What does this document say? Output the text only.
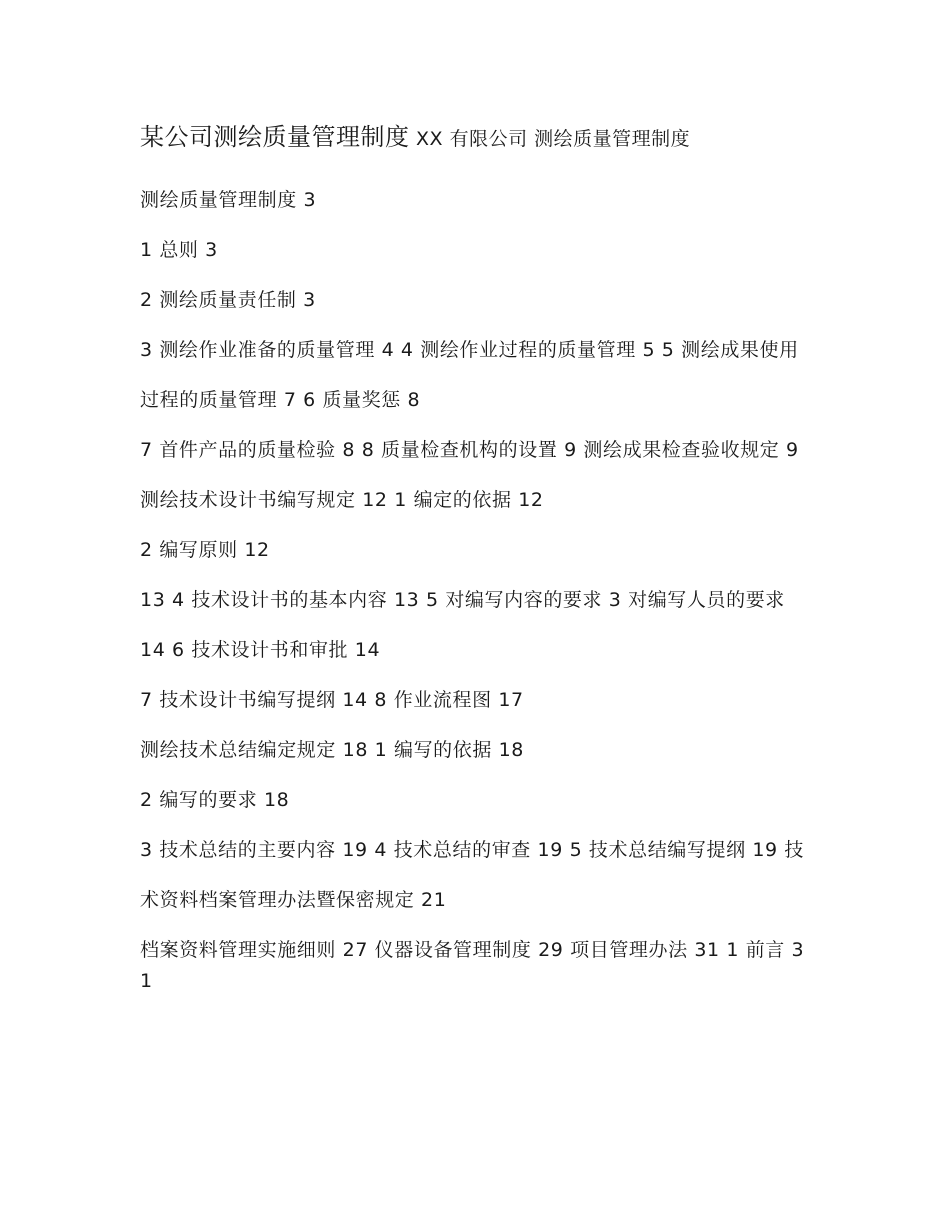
某公司测绘质量管理制度 XX 有限公司 测绘质量管理制度
测绘质量管理制度 3
1 总则 3
2 测绘质量责任制 3
3 测绘作业准备的质量管理 4 4 测绘作业过程的质量管理 5 5 测绘成果使用
过程的质量管理 7 6 质量奖惩 8
7 首件产品的质量检验 8 8 质量检查机构的设置 9 测绘成果检查验收规定 9
测绘技术设计书编写规定 12 1 编定的依据 12
2 编写原则 12
13 4 技术设计书的基本内容 13 5 对编写内容的要求 3 对编写人员的要求
14 6 技术设计书和审批 14
7 技术设计书编写提纲 14 8 作业流程图 17
测绘技术总结编定规定 18 1 编写的依据 18
2 编写的要求 18
3 技术总结的主要内容 19 4 技术总结的审查 19 5 技术总结编写提纲 19 技
术资料档案管理办法暨保密规定 21
档案资料管理实施细则 27 仪器设备管理制度 29 项目管理办法 31 1 前言 31
